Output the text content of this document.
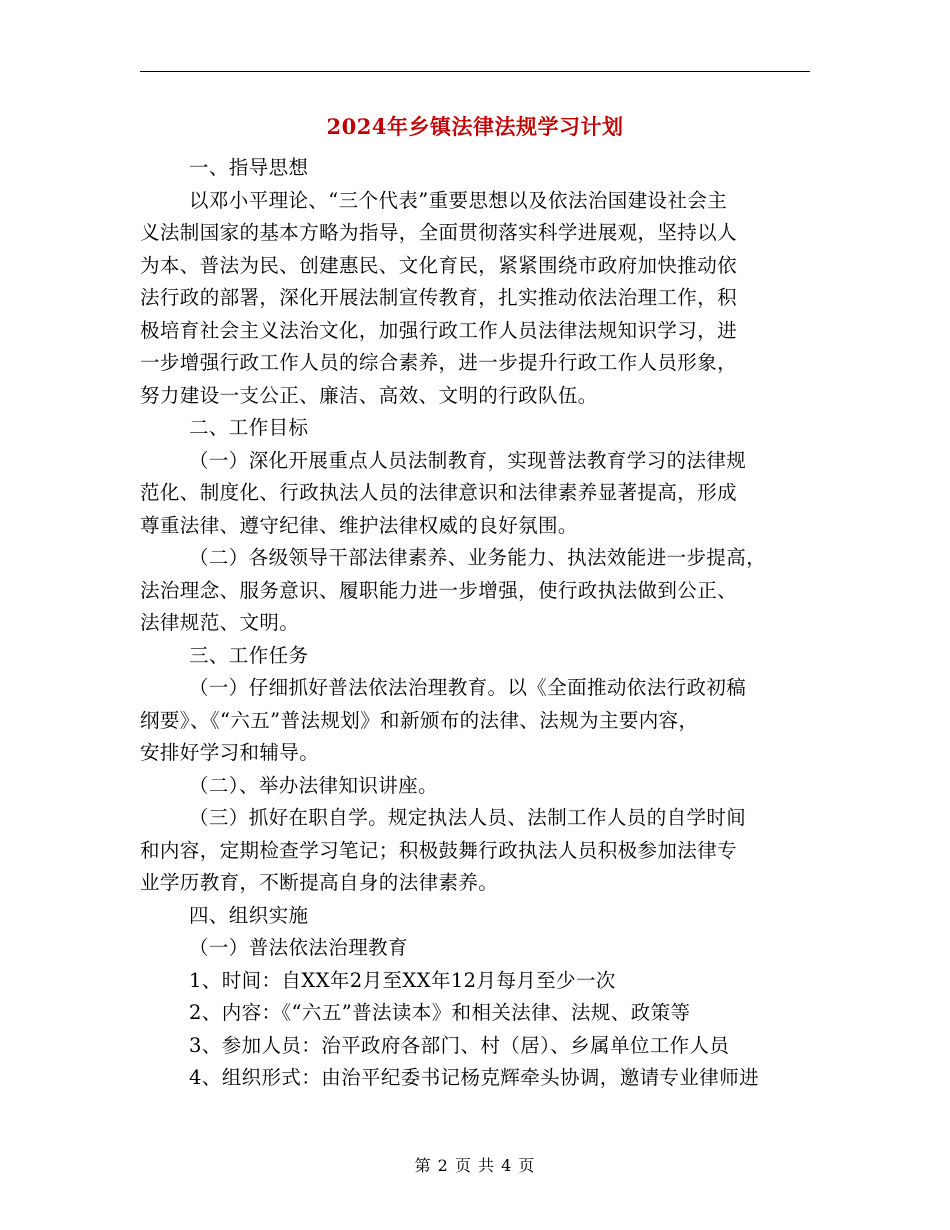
2024年乡镇法律法规学习计划
一、指导思想
以邓小平理论、“三个代表”重要思想以及依法治国建设社会主
义法制国家的基本方略为指导，全面贯彻落实科学进展观，坚持以人
为本、普法为民、创建惠民、文化育民，紧紧围绕市政府加快推动依
法行政的部署，深化开展法制宣传教育，扎实推动依法治理工作，积
极培育社会主义法治文化，加强行政工作人员法律法规知识学习，进
一步增强行政工作人员的综合素养，进一步提升行政工作人员形象，
努力建设一支公正、廉洁、高效、文明的行政队伍。
二、工作目标
（一）深化开展重点人员法制教育，实现普法教育学习的法律规
范化、制度化、行政执法人员的法律意识和法律素养显著提高，形成
尊重法律、遵守纪律、维护法律权威的良好氛围。
（二）各级领导干部法律素养、业务能力、执法效能进一步提高，
法治理念、服务意识、履职能力进一步增强，使行政执法做到公正、
法律规范、文明。
三、工作任务
（一）仔细抓好普法依法治理教育。以《全面推动依法行政初稿
纲要》、《“六五”普法规划》和新颁布的法律、法规为主要内容，
安排好学习和辅导。
（二）、举办法律知识讲座。
（三）抓好在职自学。规定执法人员、法制工作人员的自学时间
和内容，定期检查学习笔记；积极鼓舞行政执法人员积极参加法律专
业学历教育，不断提高自身的法律素养。
四、组织实施
（一）普法依法治理教育
1、时间：自XX年2月至XX年12月每月至少一次
2、内容：《“六五”普法读本》和相关法律、法规、政策等
3、参加人员：治平政府各部门、村（居）、乡属单位工作人员
4、组织形式：由治平纪委书记杨克辉牵头协调，邀请专业律师进
第 2 页 共 4 页
